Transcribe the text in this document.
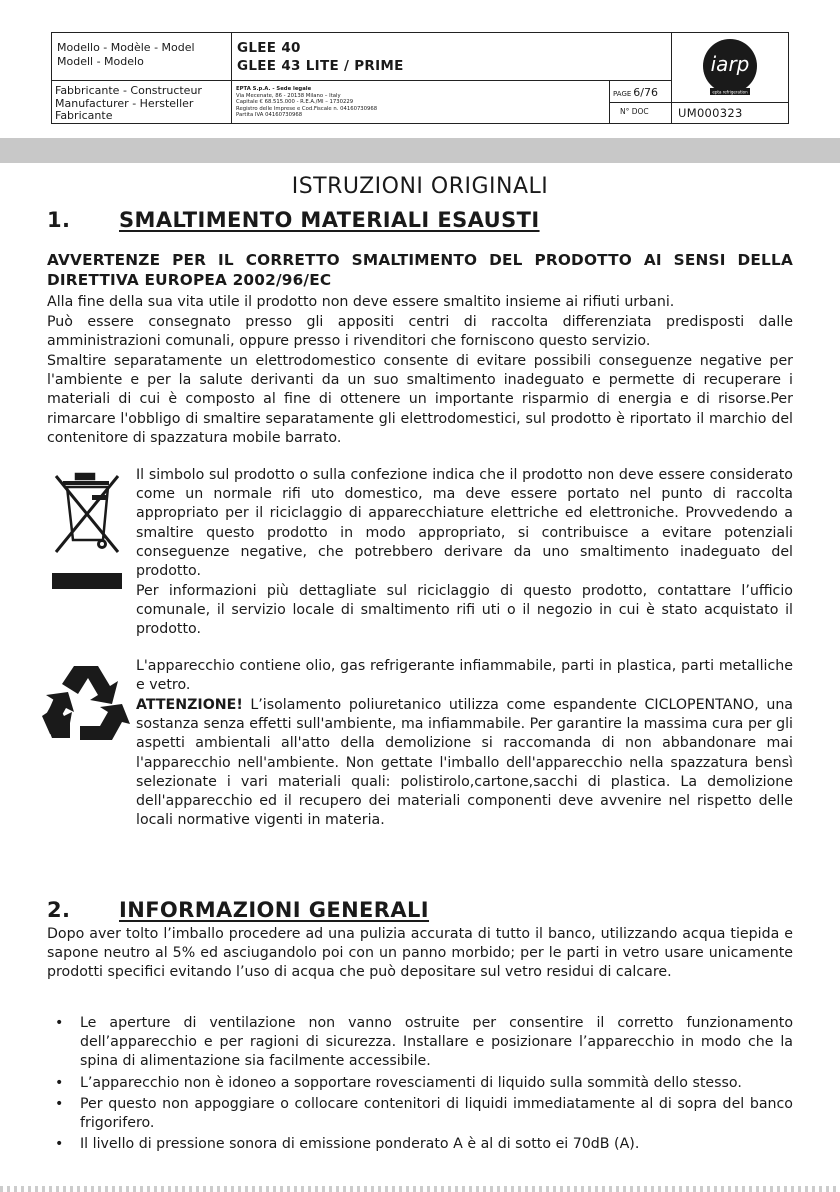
Modello - Modèle - Model
Modell - Modelo
GLEE 40
GLEE 43 LITE / PRIME	iarp
epta refrigeration
Fabbricante - Constructeur
Manufacturer - Hersteller
Fabricante
EPTA S.p.A. - Sede legale
Via Mecenate, 86 - 20138 Milano – Italy
Capitale € 68.515.000 - R.E.A./MI – 1730229
Registro delle Imprese e Cod.Fiscale n. 04160730968
Partita IVA 04160730968
PAGE 6/76
N° DOC	UM000323
ISTRUZIONI ORIGINALI
1. SMALTIMENTO MATERIALI ESAUSTI
AVVERTENZE PER IL CORRETTO SMALTIMENTO DEL PRODOTTO AI SENSI DELLA DIRETTIVA EUROPEA 2002/96/EC
Alla fine della sua vita utile il prodotto non deve essere smaltito insieme ai rifiuti urbani.
Può essere consegnato presso gli appositi centri di raccolta differenziata predisposti dalle amministrazioni comunali, oppure presso i rivenditori che forniscono questo servizio.
Smaltire separatamente un elettrodomestico consente di evitare possibili conseguenze negative per l'ambiente e per la salute derivanti da un suo smaltimento inadeguato e permette di recuperare i materiali di cui è composto al fine di ottenere un importante risparmio di energia e di risorse.Per rimarcare l'obbligo di smaltire separatamente gli elettrodomestici, sul prodotto è riportato il marchio del contenitore di spazzatura mobile barrato.
Il simbolo sul prodotto o sulla confezione indica che il prodotto non deve essere considerato come un normale rifi uto domestico, ma deve essere portato nel punto di raccolta appropriato per il riciclaggio di apparecchiature elettriche ed elettroniche. Provvedendo a smaltire questo prodotto in modo appropriato, si contribuisce a evitare potenziali conseguenze negative, che potrebbero derivare da uno smaltimento inadeguato del prodotto.
Per informazioni più dettagliate sul riciclaggio di questo prodotto, contattare l’ufficio comunale, il servizio locale di smaltimento rifi uti o il negozio in cui è stato acquistato il prodotto.
L'apparecchio contiene olio, gas refrigerante infiammabile, parti in plastica, parti metalliche e vetro.
ATTENZIONE! L’isolamento poliuretanico utilizza come espandente CICLOPENTANO, una sostanza senza effetti sull'ambiente, ma infiammabile. Per garantire la massima cura per gli aspetti ambientali all'atto della demolizione si raccomanda di non abbandonare mai l'apparecchio nell'ambiente. Non gettate l'imballo dell'apparecchio nella spazzatura bensì selezionate i vari materiali quali: polistirolo,cartone,sacchi di plastica. La demolizione dell'apparecchio ed il recupero dei materiali componenti deve avvenire nel rispetto delle locali normative vigenti in materia.
2. INFORMAZIONI GENERALI
Dopo aver tolto l’imballo procedere ad una pulizia accurata di tutto il banco, utilizzando acqua tiepida e sapone neutro al 5% ed asciugandolo poi con un panno morbido; per le parti in vetro usare unicamente prodotti specifici evitando l’uso di acqua che può depositare sul vetro residui di calcare.
• Le aperture di ventilazione non vanno ostruite per consentire il corretto funzionamento dell’apparecchio e per ragioni di sicurezza. Installare e posizionare l’apparecchio in modo che la spina di alimentazione sia facilmente accessibile.
• L’apparecchio non è idoneo a sopportare rovesciamenti di liquido sulla sommità dello stesso.
• Per questo non appoggiare o collocare contenitori di liquidi immediatamente al di sopra del banco frigorifero.
• Il livello di pressione sonora di emissione ponderato A è al di sotto ei 70dB (A).
